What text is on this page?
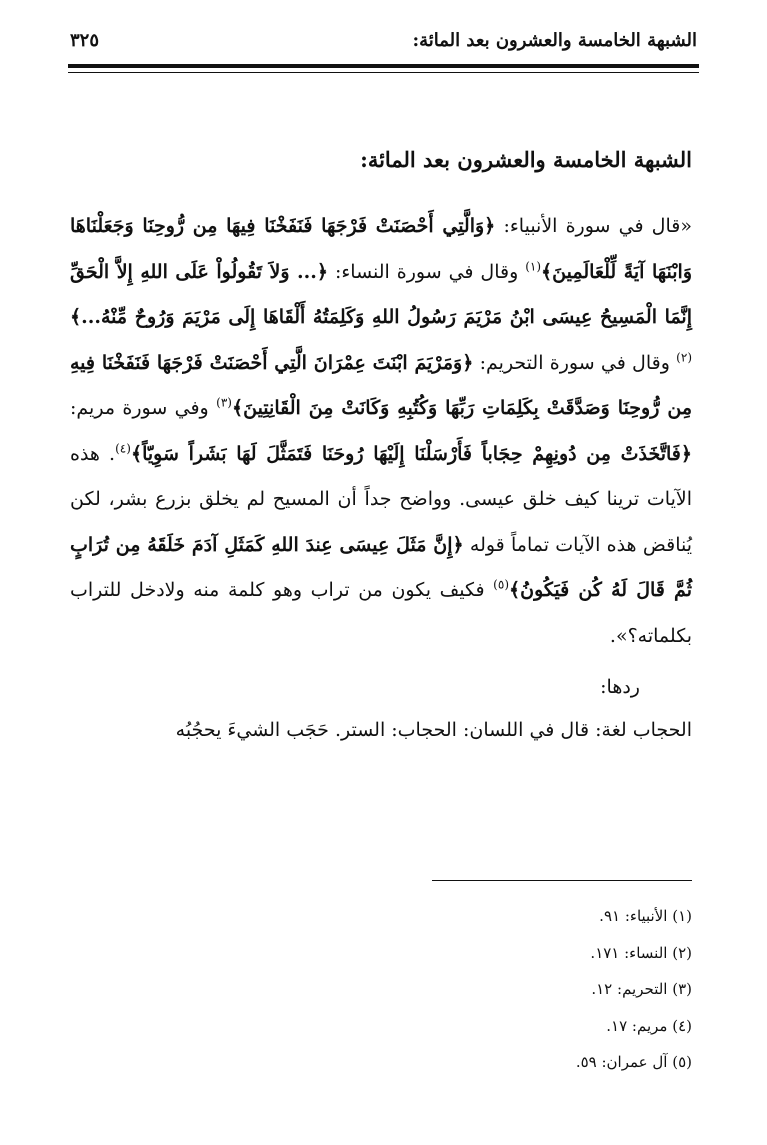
الشبهة الخامسة والعشرون بعد المائة:
٣٢٥
الشبهة الخامسة والعشرون بعد المائة:

«قال في سورة الأنبياء: ﴿وَالَّتِي أَحْصَنَتْ فَرْجَهَا فَنَفَخْنَا فِيهَا مِن رُّوحِنَا وَجَعَلْنَاهَا وَابْنَهَا آيَةً لِّلْعَالَمِينَ﴾$^{(١)}$ وقال في سورة النساء: ﴿... وَلاَ تَقُولُواْ عَلَى اللهِ إِلاَّ الْحَقِّ إِنَّمَا الْمَسِيحُ عِيسَى ابْنُ مَرْيَمَ رَسُولُ اللهِ وَكَلِمَتُهُ أَلْقَاهَا إِلَى مَرْيَمَ وَرُوحٌ مِّنْهُ...﴾$^{(٢)}$ وقال في سورة التحريم: ﴿وَمَرْيَمَ ابْنَتَ عِمْرَانَ الَّتِي أَحْصَنَتْ فَرْجَهَا فَنَفَخْنَا فِيهِ مِن رُّوحِنَا وَصَدَّقَتْ بِكَلِمَاتِ رَبِّهَا وَكُتُبِهِ وَكَانَتْ مِنَ الْقَانِتِينَ﴾$^{(٣)}$ وفي سورة مريم: ﴿فَاتَّخَذَتْ مِن دُونِهِمْ حِجَاباً فَأَرْسَلْنَا إِلَيْهَا رُوحَنَا فَتَمَثَّلَ لَهَا بَشَراً سَوِيّاً﴾$^{(٤)}$. هذه الآيات ترينا كيف خلق عيسى. وواضح جداً أن المسيح لم يخلق بزرع بشر، لكن يُناقض هذه الآيات تماماً قوله ﴿إِنَّ مَثَلَ عِيسَى عِندَ اللهِ كَمَثَلِ آدَمَ خَلَقَهُ مِن تُرَابٍ ثُمَّ قَالَ لَهُ كُن فَيَكُونُ﴾$^{(٥)}$ فكيف يكون من تراب وهو كلمة منه ولادخل للتراب بكلماته؟».

ردها:

الحجاب لغة: قال في اللسان: الحجاب: الستر. حَجَب الشيءَ يحجُبُه

(١) الأنبياء: ٩١.
(٢) النساء: ١٧١.
(٣) التحريم: ١٢.
(٤) مريم: ١٧.
(٥) آل عمران: ٥٩.
